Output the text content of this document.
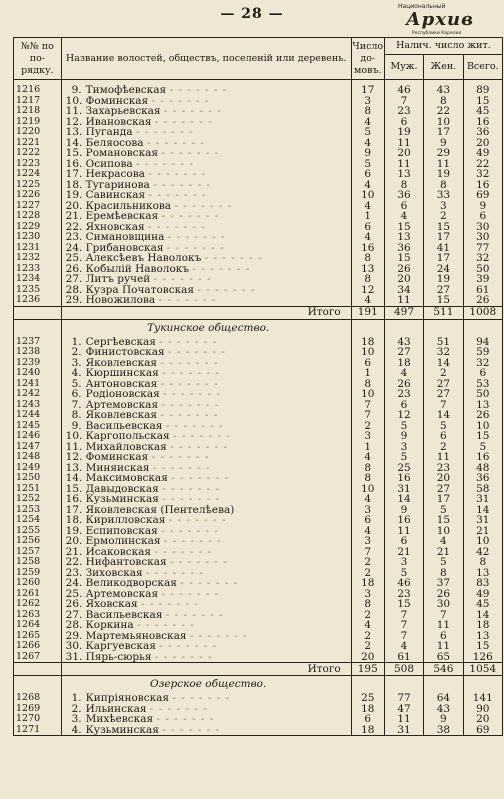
— 28 —	Национальный
Архив
Республики Карелия
№№ по по- рядку.	Название волостей, обществъ, поселеній или деревень.	Число до- мовъ.	Налич. число жит.		
			Муж.	Жен.	Всего.

1216	9. Тимофѣевская - - - - - - -	17	46	43	89
1217	10. Фоминская - - - - - - -	3	7	8	15
1218	11. Захарьевская - - - - - - -	8	23	22	45
1219	12. Ивановская - - - - - - -	4	6	10	16
1220	13. Пуганда - - - - - - -	5	19	17	36
1221	14. Беляосова - - - - - - -	4	11	9	20
1222	15. Романовская - - - - - - -	9	20	29	49
1223	16. Осипова - - - - - - -	5	11	11	22
1224	17. Некрасова - - - - - - -	6	13	19	32
1225	18. Тугаринова - - - - - - -	4	8	8	16
1226	19. Савинская - - - - - - -	10	36	33	69
1227	20. Красильникова - - - - - - -	4	6	3	9
1228	21. Еремѣевская - - - - - - -	1	4	2	6
1229	22. Яхновская - - - - - - -	6	15	15	30
1230	23. Симановщина - - - - - - -	4	13	17	30
1231	24. Грибановская - - - - - - -	16	36	41	77
1232	25. Алексѣевъ Наволокъ - - - - - - -	8	15	17	32
1233	26. Кобылій Наволокъ - - - - - - -	13	26	24	50
1234	27. Литъ ручей - - - - - - -	8	20	19	39
1235	28. Кузра Початовская - - - - - - -	12	34	27	61
1236	29. Новожилова - - - - - - -	4	11	15	26
	Итого	191	497	511	1008
	Тукинское общество.				
1237	1. Сергѣевская - - - - - - -	18	43	51	94
1238	2. Финистовская - - - - - - -	10	27	32	59
1239	3. Яковлевская - - - - - - -	6	18	14	32
1240	4. Кюршинская - - - - - - -	1	4	2	6
1241	5. Антоновская - - - - - - -	8	26	27	53
1242	6. Родіоновская - - - - - - -	10	23	27	50
1243	7. Артемовская - - - - - - -	7	6	7	13
1244	8. Яковлевская - - - - - - -	7	12	14	26
1245	9. Васильевская - - - - - - -	2	5	5	10
1246	10. Каргопольская - - - - - - -	3	9	6	15
1247	11. Михайловская - - - - - - -	1	3	2	5
1248	12. Фоминская - - - - - - -	4	5	11	16
1249	13. Миняиская - - - - - - -	8	25	23	48
1250	14. Максимовская - - - - - - -	8	16	20	36
1251	15. Давыдовская - - - - - - -	10	31	27	58
1252	16. Кузьминская - - - - - - -	4	14	17	31
1253	17. Яковлевская (Пентелѣева)	3	9	5	14
1254	18. Кирилловская - - - - - - -	6	16	15	31
1255	19. Еспиповская - - - - - - -	4	11	10	21
1256	20. Ермолинская - - - - - - -	3	6	4	10
1257	21. Исаковская - - - - - - -	7	21	21	42
1258	22. Нифантовская - - - - - - -	2	3	5	8
1259	23. Зиховская - - - - - - -	2	5	8	13
1260	24. Великодворская - - - - - - -	18	46	37	83
1261	25. Артемовская - - - - - - -	3	23	26	49
1262	26. Яховская - - - - - - -	8	15	30	45
1263	27. Васильевская - - - - - - -	2	7	7	14
1264	28. Коркина - - - - - - -	4	7	11	18
1265	29. Мартемьяновская - - - - - - -	2	7	6	13
1266	30. Каргуевская - - - - - - -	2	4	11	15
1267	31. Пярь-сюрья - - - - - - -	20	61	65	126
	Итого	195	508	546	1054
	Озерское общество.				
1268	1. Кипріяновская - - - - - - -	25	77	64	141
1269	2. Ильинская - - - - - - -	18	47	43	90
1270	3. Михѣевская - - - - - - -	6	11	9	20
1271	4. Кузьминская - - - - - - -	18	31	38	69
